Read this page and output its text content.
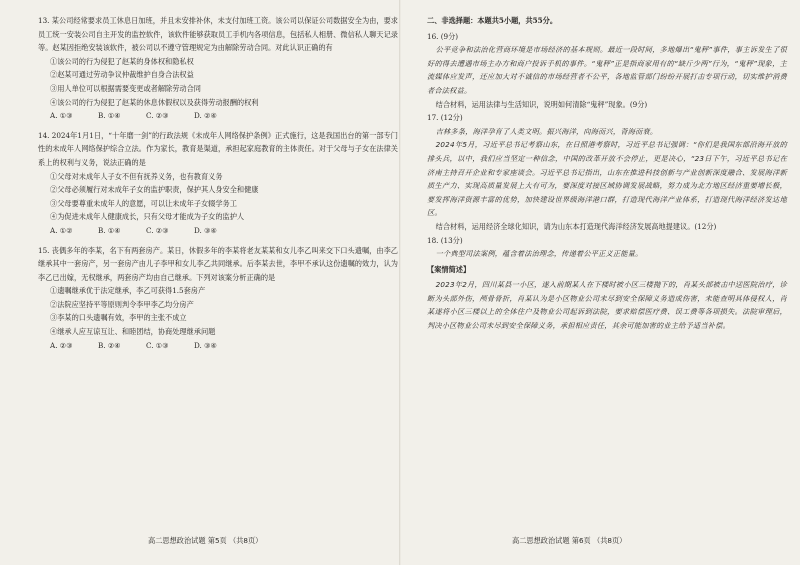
13. 某公司经常要求员工休息日加班，并且未安排补休，未支付加班工资。该公司以保证公司数据安全为由，要求员工统一安装公司自主开发的监控软件，该软件能够获取员工手机内各项信息，包括私人相册、微信私人聊天记录等。赵某因拒绝安装该软件，被公司以不遵守管理规定为由解除劳动合同。对此认识正确的有

①该公司的行为侵犯了赵某的身体权和隐私权
②赵某可通过劳动争议仲裁维护自身合法权益
③用人单位可以根据需要变更或者解除劳动合同
④该公司的行为侵犯了赵某的休息休假权以及获得劳动报酬的权利
A. ①③	B. ①④	C. ②③	D. ②④

14. 2024年1月1日，“十年磨一剑”的行政法规《未成年人网络保护条例》正式施行，这是我国出台的第一部专门性的未成年人网络保护综合立法。作为家长，教育是渠道，承担起家庭教育的主体责任。对于父母与子女在法律关系上的权利与义务，说法正确的是

①父母对未成年人子女不但有抚养义务，也有教育义务
②父母必须履行对未成年子女的监护职责，保护其人身安全和健康
③父母要尊重未成年人的意愿，可以让未成年子女辍学务工
④为促进未成年人健康成长，只有父母才能成为子女的监护人
A. ①②	B. ①④	C. ②③	D. ③④

15. 丧偶多年的李某，名下有两套房产。某日，休假多年的李某将老友某某和女儿李乙叫来交下口头遗嘱，由李乙继承其中一套房产，另一套房产由儿子李甲和女儿李乙共同继承。后李某去世，李甲不承认这份遗嘱的效力，认为李乙已出嫁，无权继承，两套房产均由自己继承。下列对该案分析正确的是

①遗嘱继承优于法定继承，李乙可获得1.5套房产
②法院应坚持平等原则判令李甲李乙均分房产
③李某的口头遗嘱有效，李甲的主张不成立
④继承人应互谅互让、和睦团结，协商处理继承问题
A. ②③	B. ②④	C. ①③	D. ③④
二、非选择题：本题共5小题，共55分。
16. (9分)

公平竞争和法治化营商环境是市场经济的基本规则。最近一段时间，多地爆出“鬼秤”事件，事主诉发生了很好的得去遭遇市场主办方和商户投诉手机的事件。“鬼秤”正是指商家用有的“缺斤少两”行为，“鬼秤”现象，主流媒体应发声，还应加大对不诚信的市场经营者不公平，各地监管部门纷纷开展打击专项行动，切实维护消费者合法权益。

结合材料，运用法律与生活知识，说明如何清除“鬼秤”现象。(9分)

17. (12分)

吉林多条，海洋孕育了人类文明。振兴海洋，向海而兴，背海而衰。

2024年5月，习近平总书记考察山东，在日照港考察时，习近平总书记强调：“你们是我国东部沿海开放的排头兵，以中，我们应当坚定一种信念，中国的改革开放不会停止，更是决心，“23日下午，习近平总书记在济南主持召开企业和专家座谈会。习近平总书记指出，山东在推进科技创新与产业创新深度融合、发展海洋新质生产力、实现高质量发展上大有可为，要深度对接区域协调发展战略，努力成为北方地区经济重要增长极，要发挥海洋资源丰富的优势，加快建设世界级海洋港口群，打造现代海洋产业体系，打造现代海洋经济发达地区。

结合材料，运用经济全球化知识，请为山东本打造现代海洋经济发展高地提建议。(12分)

18. (13分)

一个典型司法案例，蕴含着法治理念，传递着公平正义正能量。

【案情简述】

2023年2月，四川某县一小区，遂入前期某人在下楼时被小区三楼抛下的，肖某头部被击中送医院治疗，诊断为头部外伤，颅骨骨折，肖某认为是小区物业公司未尽到安全保障义务造成伤害，未能查明具体侵权人，肖某遂将小区三楼以上的全体住户及物业公司起诉到法院，要求赔偿医疗费、误工费等各项损失。法院审理后，判决小区物业公司未尽到安全保障义务，承担相应责任，其余可能加害的业主给予适当补偿。

高二思想政治试题 第5页 （共8页）	高二思想政治试题 第6页 （共8页）
